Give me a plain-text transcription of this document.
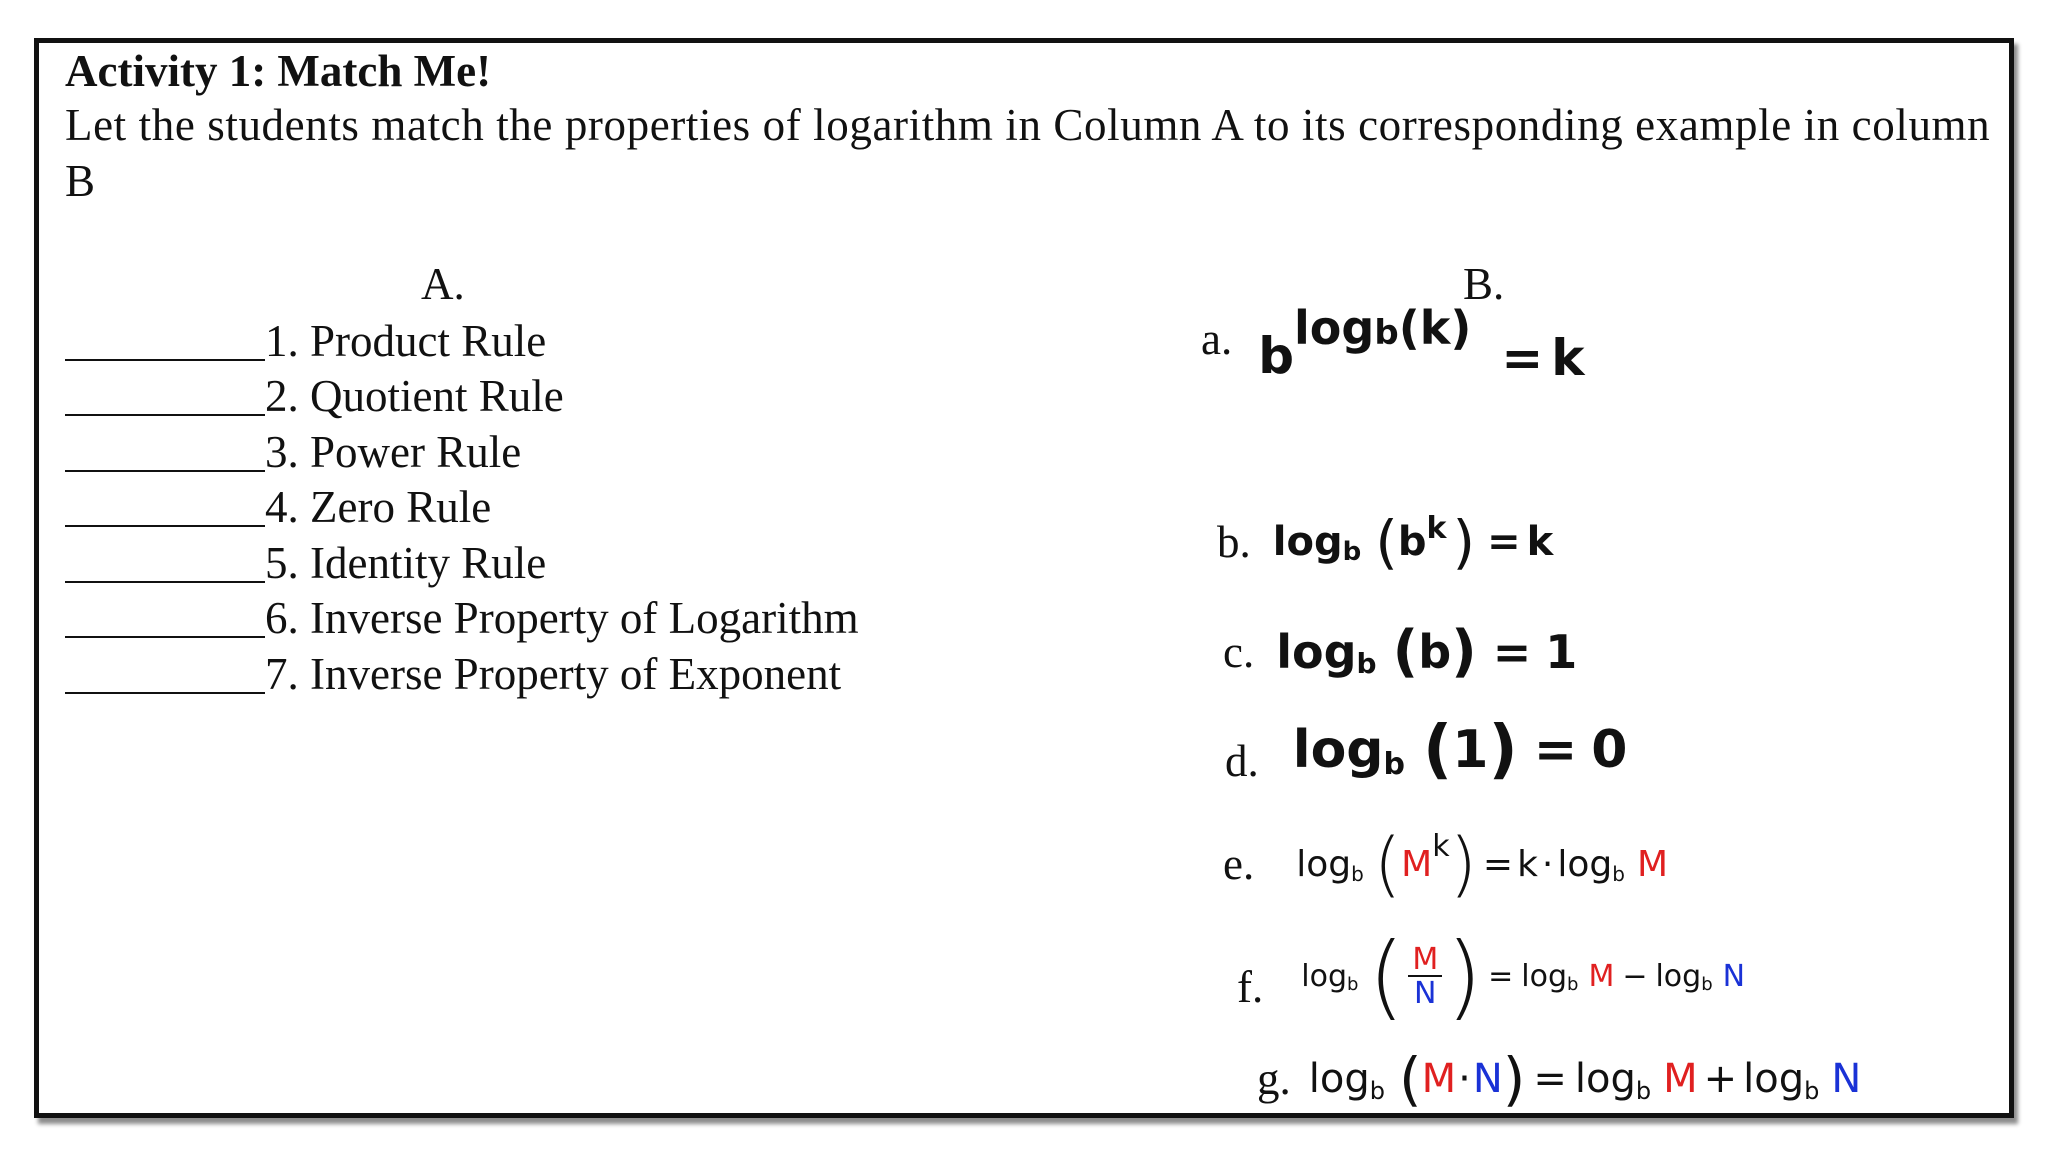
Activity 1: Match Me!
Let the students match the properties of logarithm in Column A to its corresponding example in column B
A.	B.
1. Product Rule
2. Quotient Rule
3. Power Rule
4. Zero Rule
5. Identity Rule
6. Inverse Property of Logarithm
7. Inverse Property of Exponent
a. b logb(k)
= k
b. log b ( b k ) = k
c. log b ( b ) = 1
d. log b ( 1 ) = 0
e. log b ( M k ) = k · log b M
f. log b ( $\frac{M}{N}$ ) = log b M − log b N
g. log b ( M · N ) = log b M + log b N
